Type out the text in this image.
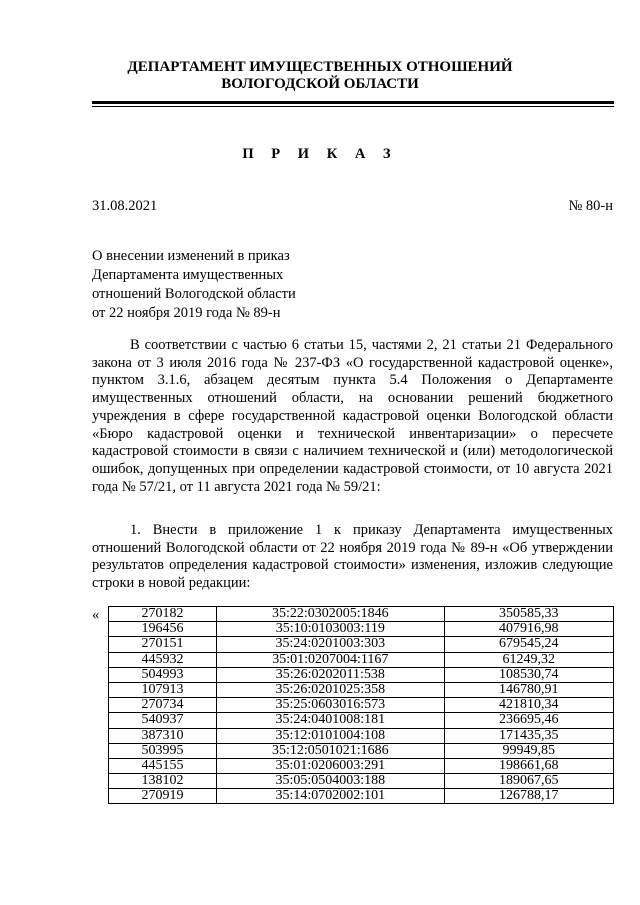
ДЕПАРТАМЕНТ ИМУЩЕСТВЕННЫХ ОТНОШЕНИЙ
ВОЛОГОДСКОЙ ОБЛАСТИ
П Р И К А З
31.08.2021	№ 80-н
О внесении изменений в приказ
Департамента имущественных
отношений Вологодской области
от 22 ноября 2019 года № 89-н
В соответствии с частью 6 статьи 15, частями 2, 21 статьи 21 Федерального закона от 3 июля 2016 года № 237-ФЗ «О государственной кадастровой оценке», пунктом 3.1.6, абзацем десятым пункта 5.4 Положения о Департаменте имущественных отношений области, на основании решений бюджетного учреждения в сфере государственной кадастровой оценки Вологодской области «Бюро кадастровой оценки и технической инвентаризации» о пересчете кадастровой стоимости в связи с наличием технической и (или) методологической ошибок, допущенных при определении кадастровой стоимости, от 10 августа 2021 года № 57/21, от 11 августа 2021 года № 59/21:
1. Внести в приложение 1 к приказу Департамента имущественных отношений Вологодской области от 22 ноября 2019 года № 89-н «Об утверждении результатов определения кадастровой стоимости» изменения, изложив следующие строки в новой редакции:
«	270182	35:22:0302005:1846	350585,33
196456	35:10:0103003:119	407916,98
270151	35:24:0201003:303	679545,24
445932	35:01:0207004:1167	61249,32
504993	35:26:0202011:538	108530,74
107913	35:26:0201025:358	146780,91
270734	35:25:0603016:573	421810,34
540937	35:24:0401008:181	236695,46
387310	35:12:0101004:108	171435,35
503995	35:12:0501021:1686	99949,85
445155	35:01:0206003:291	198661,68
138102	35:05:0504003:188	189067,65
270919	35:14:0702002:101	126788,17
